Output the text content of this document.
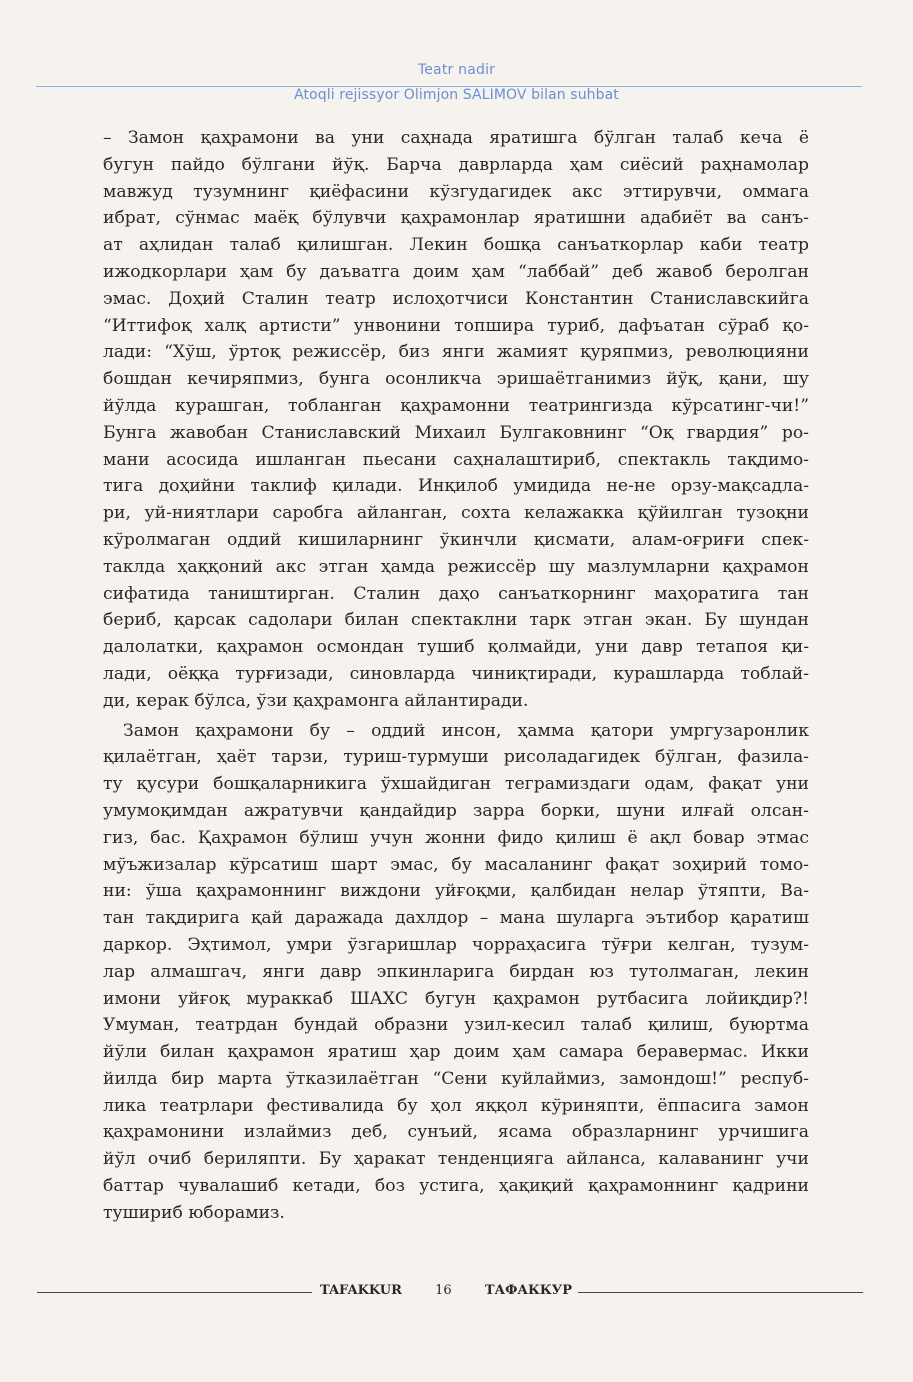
Teatr nadir
Atoqli rejissyor Olimjon SALIMOV bilan suhbat
– Замон қаҳрамони ва уни саҳнада яратишга бўлган талаб кеча ё
бугун пайдо бўлгани йўқ. Барча даврларда ҳам сиёсий раҳнамолар
мавжуд тузумнинг қиёфасини кўзгудагидек акс эттирувчи, оммага
ибрат, сўнмас маёқ бўлувчи қаҳрамонлар яратишни адабиёт ва санъ-
ат аҳлидан талаб қилишган. Лекин бошқа санъаткорлар каби театр
ижодкорлари ҳам бу даъватга доим ҳам “лаббай” деб жавоб беролган
эмас. Доҳий Сталин театр ислоҳотчиси Константин Станиславскийга
“Иттифоқ халқ артисти” унвонини топшира туриб, дафъатан сўраб қо-
лади: “Хўш, ўртоқ режиссёр, биз янги жамият қуряпмиз, революцияни
бошдан кечиряпмиз, бунга осонликча эришаётганимиз йўқ, қани, шу
йўлда курашган, тобланган қаҳрамонни театрингизда кўрсатинг-чи!”
Бунга жавобан Станиславский Михаил Булгаковнинг “Оқ гвардия” ро-
мани асосида ишланган пьесани саҳналаштириб, спектакль тақдимо-
тига доҳийни таклиф қилади. Инқилоб умидида не-не орзу-мақсадла-
ри, уй-ниятлари саробга айланган, сохта келажакка қўйилган тузоқни
кўролмаган оддий кишиларнинг ўкинчли қисмати, алам-оғриғи спек-
таклда ҳаққоний акс этган ҳамда режиссёр шу мазлумларни қаҳрамон
сифатида таништирган. Сталин даҳо санъаткорнинг маҳоратига тан
бериб, қарсак садолари билан спектаклни тарк этган экан. Бу шундан
далолатки, қаҳрамон осмондан тушиб қолмайди, уни давр тетапоя қи-
лади, оёққа турғизади, синовларда чиниқтиради, курашларда тоблай-
ди, керак бўлса, ўзи қаҳрамонга айлантиради.
Замон қаҳрамони бу – оддий инсон, ҳамма қатори умргузаронлик
қилаётган, ҳаёт тарзи, туриш-турмуши рисоладагидек бўлган, фазила-
ту қусури бошқаларникига ўхшайдиган теграмиздаги одам, фақат уни
умумоқимдан ажратувчи қандайдир зарра борки, шуни илғай олсан-
гиз, бас. Қаҳрамон бўлиш учун жонни фидо қилиш ё ақл бовар этмас
мўъжизалар кўрсатиш шарт эмас, бу масаланинг фақат зоҳирий томо-
ни: ўша қаҳрамоннинг виждони уйғоқми, қалбидан нелар ўтяпти, Ва-
тан тақдирига қай даражада дахлдор – мана шуларга эътибор қаратиш
даркор. Эҳтимол, умри ўзгаришлар чорраҳасига тўғри келган, тузум-
лар алмашгач, янги давр эпкинларига бирдан юз тутолмаган, лекин
имони уйғоқ мураккаб ШАХС бугун қаҳрамон рутбасига лойиқдир?!
Умуман, театрдан бундай образни узил-кесил талаб қилиш, буюртма
йўли билан қаҳрамон яратиш ҳар доим ҳам самара беравермас. Икки
йилда бир марта ўтказилаётган “Сени куйлаймиз, замондош!” респуб-
лика театрлари фестивалида бу ҳол яққол кўриняпти, ёппасига замон
қаҳрамонини излаймиз деб, сунъий, ясама образларнинг урчишига
йўл очиб бериляпти. Бу ҳаракат тенденцияга айланса, калаванинг учи
баттар чувалашиб кетади, боз устига, ҳақиқий қаҳрамоннинг қадрини
тушириб юборамиз.
TAFAKKUR	16	ТАФАККУР
